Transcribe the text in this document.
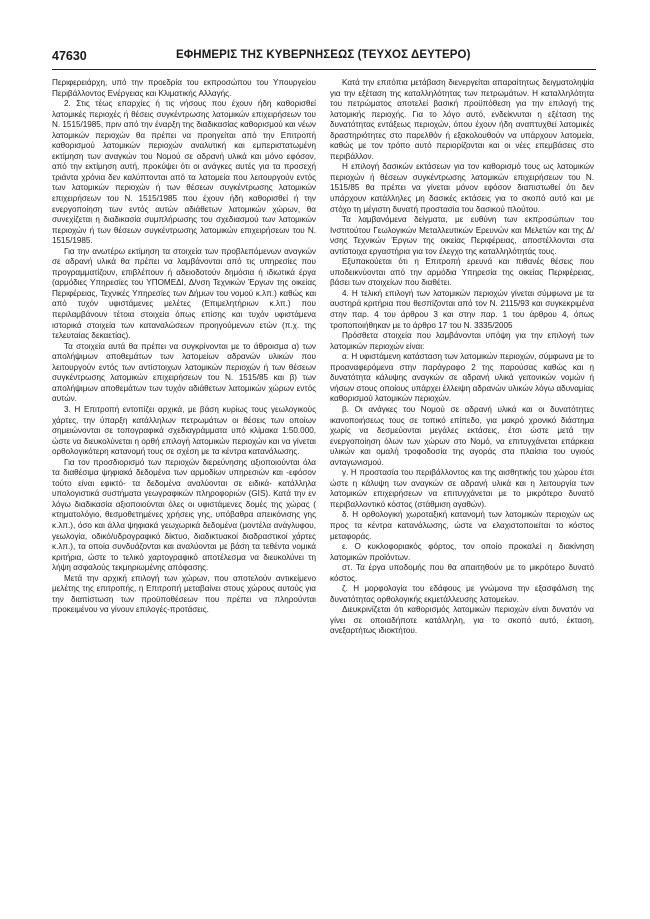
47630	ΕΦΗΜΕΡΙΣ ΤΗΣ ΚΥΒΕΡΝΗΣΕΩΣ (ΤΕΥΧΟΣ ΔΕΥΤΕΡΟ)

Περιφερειάρχη, υπό την προεδρία του εκπροσώπου του Υπουργείου Περιβάλλοντος Ενέργειας και Κλιματικής Αλλαγής.

2. Στις τέως επαρχίες ή τις νήσους που έχουν ήδη καθορισθεί λατομικές περιοχές ή θέσεις συγκέντρωσης λατομικών επιχειρήσεων του Ν. 1515/1985, πριν από την έναρξη της διαδικασίας καθορισμού και νέων λατομικών περιοχών θα πρέπει να προηγείται από την Επιτροπή καθορισμού λατομικών περιοχών αναλυτική και εμπεριστατωμένη εκτίμηση των αναγκών του Νομού σε αδρανή υλικά και μόνο εφόσον, από την εκτίμηση αυτή, προκύψει ότι οι ανάγκες αυτές για τα προσεχή τριάντα χρόνια δεν καλύπτονται από τα λατομεία που λειτουργούν εντός των λατομικών περιοχών ή των θέσεων συγκέντρωσης λατομικών επιχειρήσεων του Ν. 1515/1985 που έχουν ήδη καθορισθεί ή την ενεργοποίηση των εντός αυτών αδιάθετων λατομικών χώρων, θα συνεχίζεται η διαδικασία συμπλήρωσης του σχεδιασμού των λατομικών περιοχών ή των θέσεων συγκέντρωσης λατομικών επιχειρήσεων του Ν. 1515/1985.

Για την ανωτέρω εκτίμηση τα στοιχεία των προβλεπόμενων αναγκών σε αδρανή υλικά θα πρέπει να λαμβάνονται από τις υπηρεσίες που προγραμματίζουν, επιβλέπουν ή αδειοδοτούν δημόσια ή ιδιωτικά έργα (αρμόδιες Υπηρεσίες του ΥΠΟΜΕΔΙ, Δ/νση Τεχνικών Έργων της οικείας Περιφέρειας, Τεχνικές Υπηρεσίες των Δήμων του νομού κ.λπ.) καθώς και από τυχόν υφιστάμενες μελέτες (Επιμελητήριων κ.λπ.) που περιλαμβάνουν τέτοια στοιχεία όπως επίσης και τυχόν υφιστάμενα ιστορικά στοιχεία των καταναλώσεων προηγούμενων ετών (π.χ. της τελευταίας δεκαετίας).

Τα στοιχεία αυτά θα πρέπει να συγκρίνονται με το άθροισμα α) των απολήψιμων αποθεμάτων των λατομείων αδρανών υλικών που λειτουργούν εντός των αντίστοιχων λατομικών περιοχών ή των θέσεων συγκέντρωσης λατομικών επιχειρήσεων του Ν. 1515/85 και β) των απολήψιμων αποθεμάτων των τυχόν αδιάθετων λατομικών χώρων εντός αυτών.

3. Η Επιτροπή εντοπίζει αρχικά, με βάση κυρίως τους γεωλογικούς χάρτες, την ύπαρξη κατάλληλων πετρωμάτων οι θέσεις των οποίων σημειώνονται σε τοπογραφικά σχεδιαγράμματα υπό κλίμακα 1:50.000, ώστε να διευκολύνεται η ορθή επιλογή λατομικών περιοχών και να γίνεται ορθολογικότερη κατανομή τους σε σχέση με τα κέντρα κατανάλωσης.

Για τον προσδιορισμό των περιοχών διερεύνησης αξιοποιούνται όλα τα διαθέσιμα ψηφιακά δεδομένα των αρμοδίων υπηρεσιών και -εφόσον τούτο είναι εφικτό- τα δεδομένα αναλύονται σε ειδικά- κατάλληλα υπολογιστικά συστήματα γεωγραφικών πληροφοριών (GIS). Κατά την εν λόγω διαδικασία αξιοποιούνται όλες οι υφιστάμενες δομές της χώρας ( κτηματολόγιο, θεσμοθετημένες χρήσεις γης, υπόβαθρα απεικόνισης γης κ.λπ.), όσο και άλλα ψηφιακά γεωχωρικά δεδομένα (μοντέλα ανάγλυφου, γεωλογία, οδικό/υδρογραφικό δίκτυο, διαδικτυακοί διαδραστικοί χάρτες κ.λπ.), τα οποία συνδυάζονται και αναλύονται με βάση τα τεθέντα νομικά κριτήρια, ώστε το τελικό χαρτογραφικό αποτέλεσμα να διευκολύνει τη λήψη ασφαλούς τεκμηριωμένης απόφασης.

Μετά την αρχική επιλογή των χώρων, που αποτελούν αντικείμενο μελέτης της επιτροπής, η Επιτροπή μεταβαίνει στους χώρους αυτούς για την διαπίστωση των προϋποθέσεων που πρέπει να πληρούνται προκειμένου να γίνουν επιλογές-προτάσεις.

Κατά την επιτόπια μετάβαση διενεργείται απαραίτητως δειγματοληψία για την εξέταση της καταλληλότητας των πετρωμάτων. Η καταλληλότητα του πετρώματος αποτελεί βασική προϋπόθεση για την επιλογή της λατομικής περιοχής. Για το λόγο αυτό, ενδείκνυται η εξέταση της δυνατότητας εντάξεως περιοχών, όπου έχουν ήδη αναπτυχθεί λατομικές δραστηριότητες στο παρελθόν ή εξακολουθούν να υπάρχουν λατομεία, καθώς με τον τρόπο αυτό περιορίζονται και οι νέες επεμβάσεις στο περιβάλλον.

Η επιλογή δασικών εκτάσεων για τον καθορισμό τους ως λατομικών περιοχών ή θέσεων συγκέντρωσης λατομικών επιχειρήσεων του Ν. 1515/85 θα πρέπει να γίνεται μόνον εφόσον διαπιστωθεί ότι δεν υπάρχουν κατάλληλες μη δασικές εκτάσεις για το σκοπό αυτό και με στόχο τη μέγιστη δυνατή προστασία του δασικού πλούτου.

Τα λαμβανόμενα δείγματα, με ευθύνη των εκπροσώπων του Ινστιτούτου Γεωλογικών Μεταλλευτικών Ερευνών και Μελετών και της Δ/νσης Τεχνικών Έργων της οικείας Περιφέρειας, αποστέλλονται στα αντίστοιχα εργαστήρια για τον έλεγχο της καταλληλότητάς τους.

Εξυπακούεται ότι η Επιτροπή ερευνά και πιθανές θέσεις που υποδεικνύονται από την αρμόδια Υπηρεσία της οικείας Περιφέρειας, βάσει των στοιχείων που διαθέτει.

4. Η τελική επιλογή των λατομικών περιοχών γίνεται σύμφωνα με τα αυστηρά κριτήρια που θεσπίζονται από τον Ν. 2115/93 και συγκεκριμένα στην παρ. 4 του άρθρου 3 και στην παρ. 1 του άρθρου 4, όπως τροποποιήθηκαν με το άρθρο 17 του Ν. 3335/2005

Πρόσθετα στοιχεία που λαμβάνονται υπόψη για την επιλογή των λατομικών περιοχών είναι:

α. Η υφιστάμενη κατάσταση των λατομικών περιοχών, σύμφωνα με το προαναφερόμενα στην παράγραφο 2 της παρούσας καθώς και η δυνατότητα κάλυψης αναγκών σε αδρανή υλικά γειτονικών νομών ή νήσων στους οποίους υπάρχει έλλειψη αδρανών υλικών λόγω αδυναμίας καθορισμού λατομικών περιοχών.

β. Οι ανάγκες του Νομού σε αδρανή υλικά και οι δυνατότητες ικανοποιήσεως τους σε τοπικό επίπεδο, για μακρό χρονικό διάστημα χωρίς να δεσμεύονται μεγάλες εκτάσεις, έτσι ώστε μετά την ενεργοποίηση όλων των χώρων στο Νομό, να επιτυγχάνεται επάρκεια υλικών και ομαλή τροφοδοσία της αγοράς στα πλαίσια του υγιούς ανταγωνισμού.

γ. Η προστασία του περιβάλλοντος και της αισθητικής του χώρου έτσι ώστε η κάλυψη των αναγκών σε αδρανή υλικά και η λειτουργία των λατομικών επιχειρήσεων να επιτυγχάνεται με το μικρότερο δυνατό περιβαλλοντικό κόστος (στάθμιση αγαθών).

δ. Η ορθολογική χωροταξική κατανομή των λατομικών περιοχών ως προς τα κέντρα κατανάλωσης, ώστε να ελαχιστοποιείται το κόστος μεταφοράς.

ε. Ο κυκλοφοριακός φόρτος, τον οποίο προκαλεί η διακίνηση λατομικών προϊόντων.

στ. Τα έργα υποδομής που θα απαιτηθούν με το μικρότερο δυνατό κόστος.

ζ. Η μορφολογία του εδάφους με γνώμονα την εξασφάλιση της δυνατότητας ορθολογικής εκμετάλλευσης λατομείων.

Διευκρινίζεται ότι καθορισμός λατομικών περιοχών είναι δυνατόν να γίνει σε οποιαδήποτε κατάλληλη, για το σκοπό αυτό, έκταση, ανεξαρτήτως ιδιοκτήτου.
